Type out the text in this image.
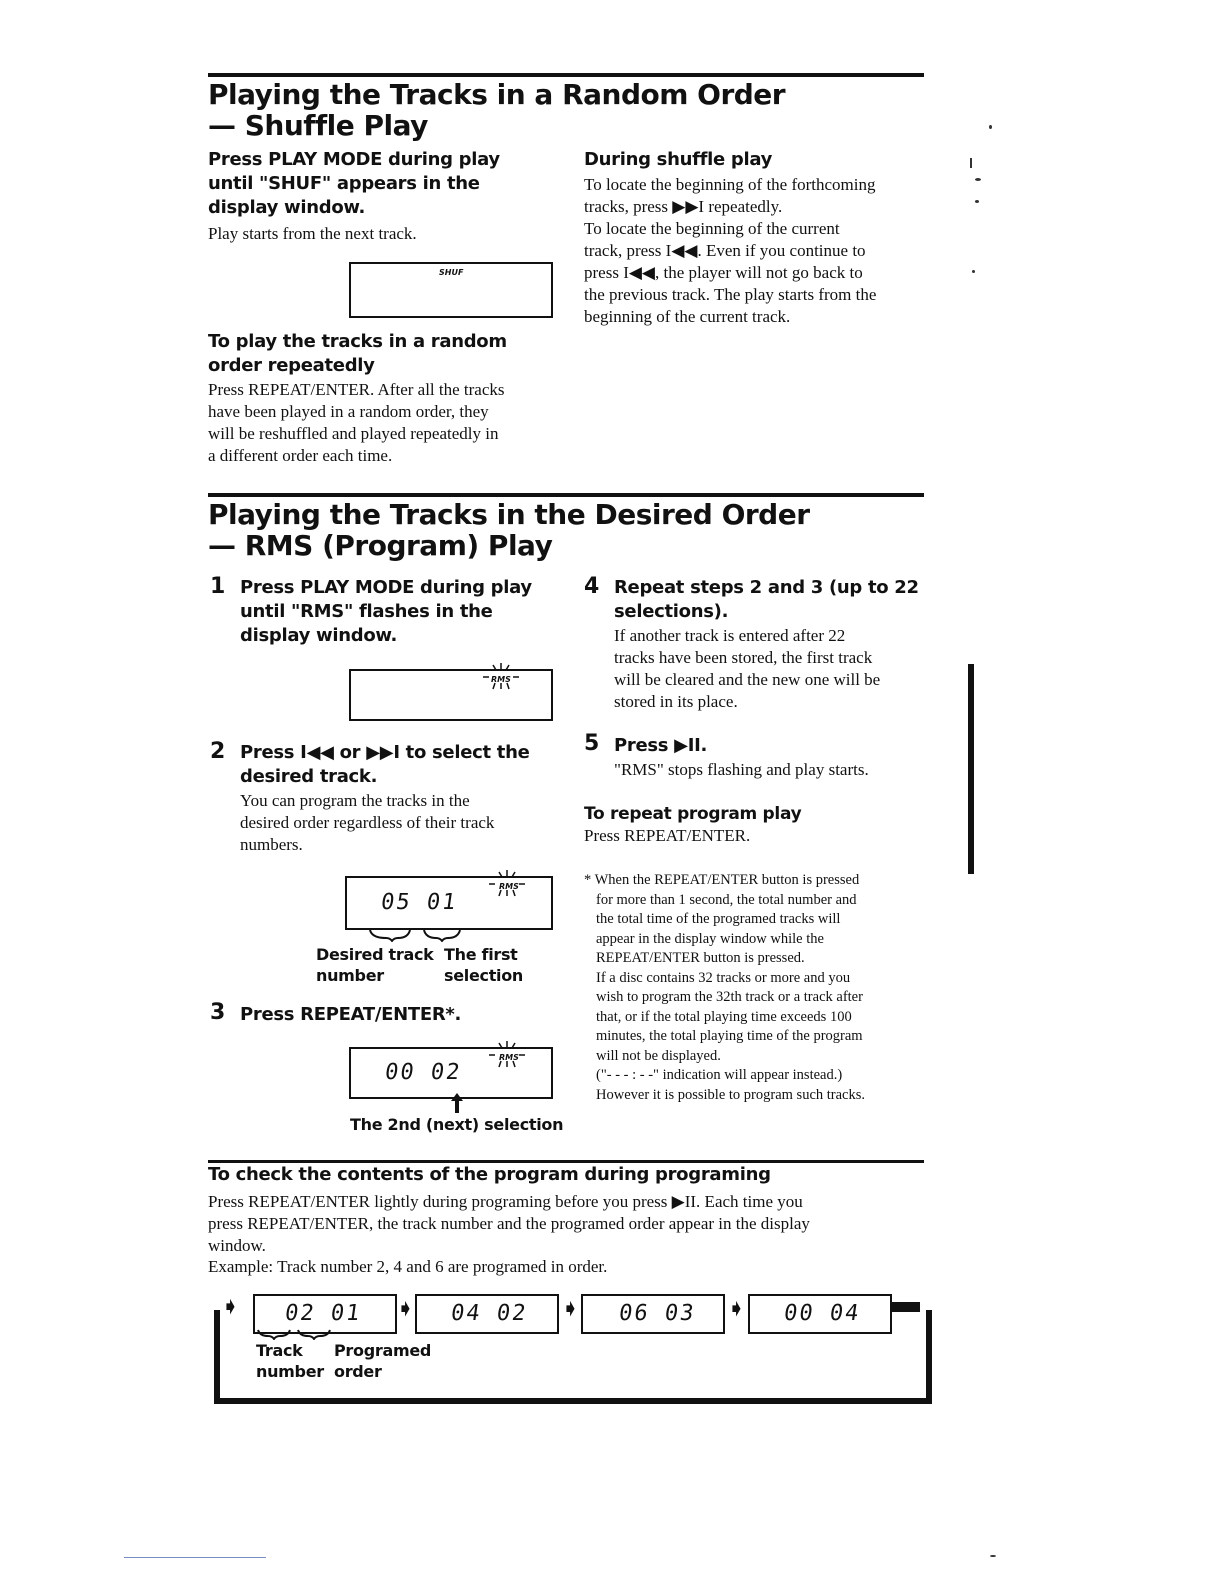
Playing the Tracks in a Random Order
— Shuffle Play
Press PLAY MODE during play
until "SHUF" appears in the
display window.
Play starts from the next track.
SHUF
To play the tracks in a random
order repeatedly
Press REPEAT/ENTER. After all the tracks
have been played in a random order, they
will be reshuffled and played repeatedly in
a different order each time.
During shuffle play
To locate the beginning of the forthcoming
tracks, press ▶▶I repeatedly.
To locate the beginning of the current
track, press I◀◀. Even if you continue to
press I◀◀, the player will not go back to
the previous track. The play starts from the
beginning of the current track.
Playing the Tracks in the Desired Order
— RMS (Program) Play
1 Press PLAY MODE during play
until "RMS" flashes in the
display window.
RMS
2 Press I◀◀ or ▶▶I to select the
desired track.
You can program the tracks in the
desired order regardless of their track
numbers.
05 01
RMS
Desired track
number
The first
selection
3 Press REPEAT/ENTER*.
00 02
RMS
The 2nd (next) selection
4 Repeat steps 2 and 3 (up to 22
selections).
If another track is entered after 22
tracks have been stored, the first track
will be cleared and the new one will be
stored in its place.
5 Press ▶II.
"RMS" stops flashing and play starts.
To repeat program play
Press REPEAT/ENTER.
* When the REPEAT/ENTER button is pressed
for more than 1 second, the total number and
the total time of the programed tracks will
appear in the display window while the
REPEAT/ENTER button is pressed.
If a disc contains 32 tracks or more and you
wish to program the 32th track or a track after
that, or if the total playing time exceeds 100
minutes, the total playing time of the program
will not be displayed.
("- - - : - -" indication will appear instead.)
However it is possible to program such tracks.
To check the contents of the program during programing
Press REPEAT/ENTER lightly during programing before you press ▶II. Each time you
press REPEAT/ENTER, the track number and the programed order appear in the display
window.
Example: Track number 2, 4 and 6 are programed in order.
➧ 02 01 ➧ 04 02 ➧ 06 03 ➧ 00 04
Track
number
Programed
order
